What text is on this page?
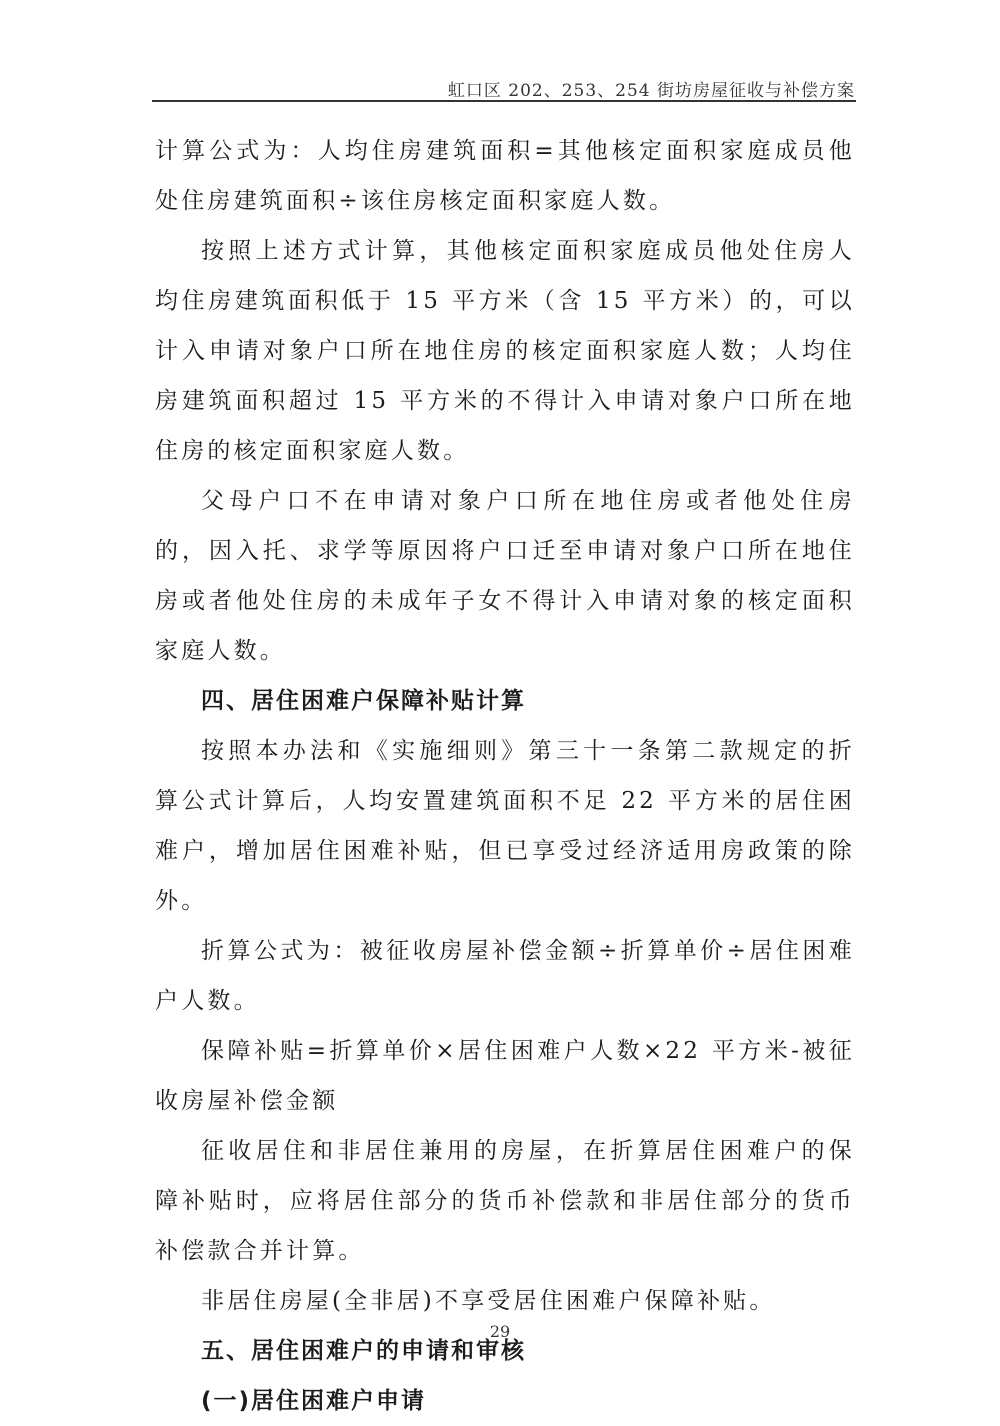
虹口区 202、253、254 街坊房屋征收与补偿方案

计算公式为：人均住房建筑面积=其他核定面积家庭成员他处住房建筑面积÷该住房核定面积家庭人数。

按照上述方式计算，其他核定面积家庭成员他处住房人均住房建筑面积低于 15 平方米（含 15 平方米）的，可以计入申请对象户口所在地住房的核定面积家庭人数；人均住房建筑面积超过 15 平方米的不得计入申请对象户口所在地住房的核定面积家庭人数。

父母户口不在申请对象户口所在地住房或者他处住房的，因入托、求学等原因将户口迁至申请对象户口所在地住房或者他处住房的未成年子女不得计入申请对象的核定面积家庭人数。

四、居住困难户保障补贴计算

按照本办法和《实施细则》第三十一条第二款规定的折算公式计算后，人均安置建筑面积不足 22 平方米的居住困难户，增加居住困难补贴，但已享受过经济适用房政策的除外。

折算公式为：被征收房屋补偿金额÷折算单价÷居住困难户人数。

保障补贴=折算单价×居住困难户人数×22 平方米-被征收房屋补偿金额

征收居住和非居住兼用的房屋，在折算居住困难户的保障补贴时，应将居住部分的货币补偿款和非居住部分的货币补偿款合并计算。

非居住房屋(全非居)不享受居住困难户保障补贴。

五、居住困难户的申请和审核

(一)居住困难户申请

29
